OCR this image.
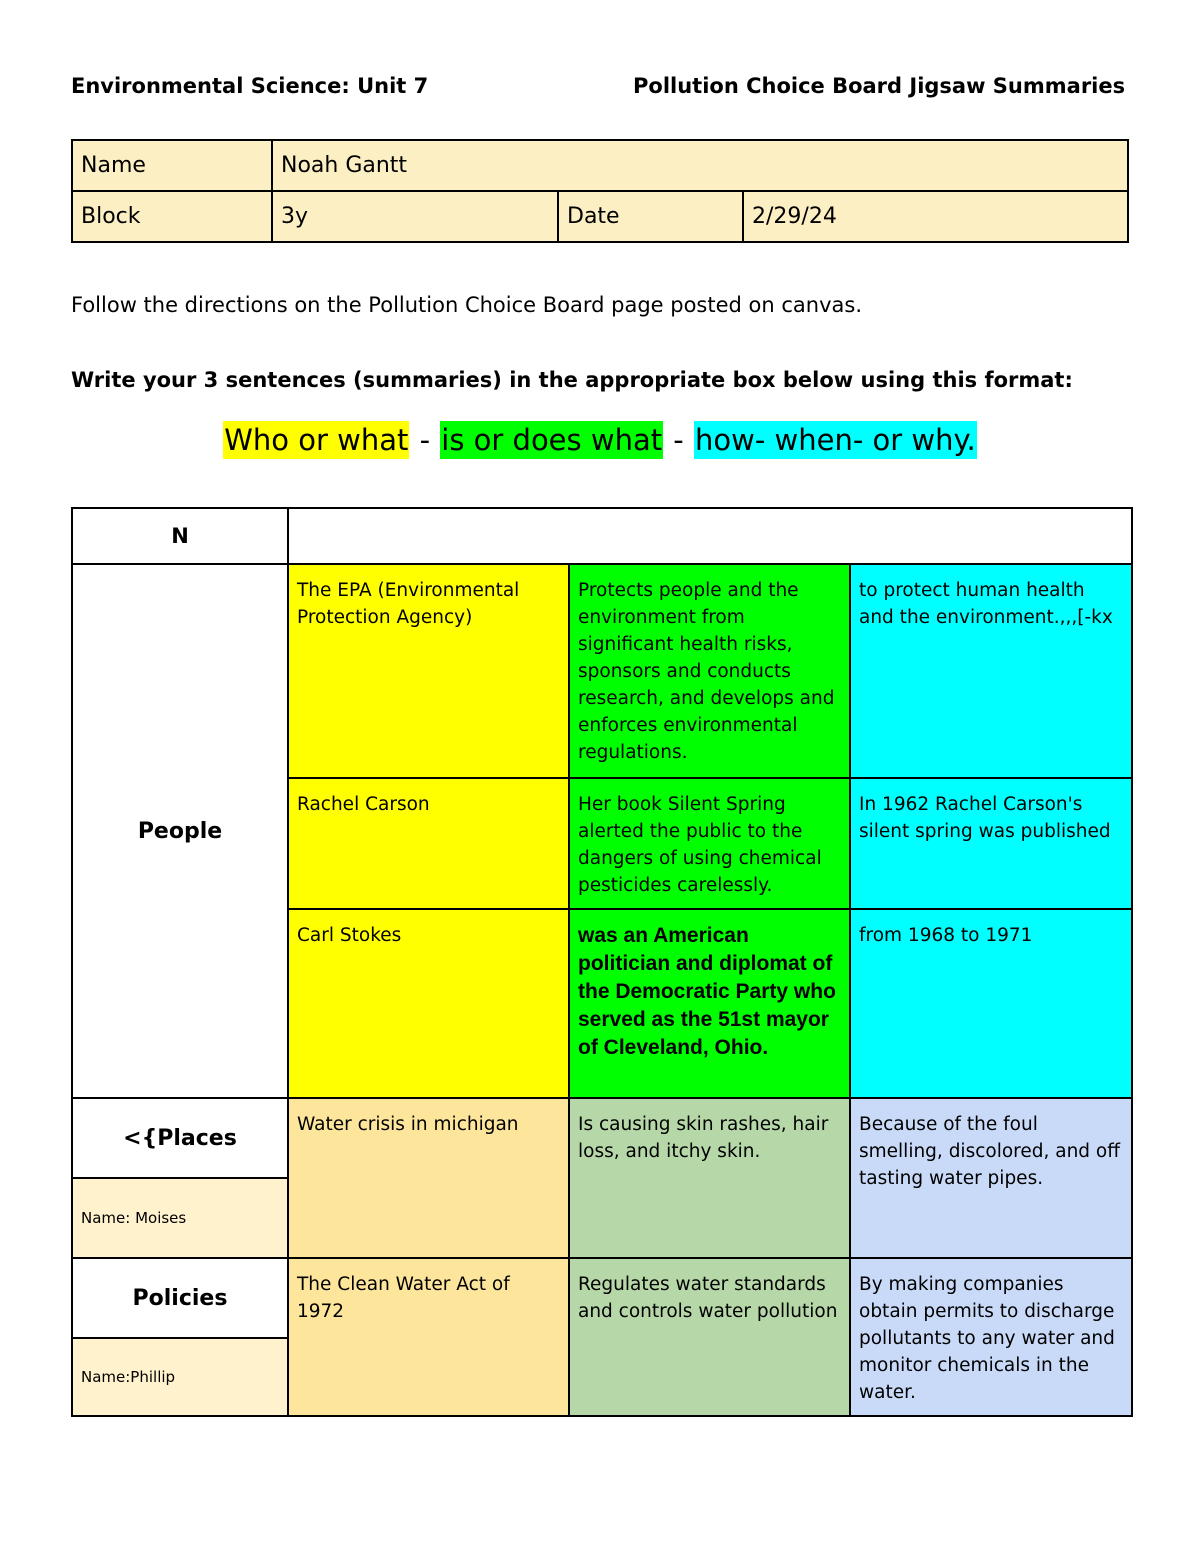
Environmental Science: Unit 7	Pollution Choice Board Jigsaw Summaries
Name	Noah Gantt		
Block	3y	Date	2/29/24
Follow the directions on the Pollution Choice Board page posted on canvas.
Write your 3 sentences (summaries) in the appropriate box below using this format:
Who or what - is or does what - how- when- or why.
N			
People	The EPA (Environmental Protection Agency)	Protects people and the environment from significant health risks, sponsors and conducts research, and develops and enforces environmental regulations.	to protect human health and the environment.,,,[-kx
	Rachel Carson	Her book Silent Spring alerted the public to the dangers of using chemical pesticides carelessly.	In 1962 Rachel Carson's silent spring was published
	Carl Stokes	was an American politician and diplomat of the Democratic Party who served as the 51st mayor of Cleveland, Ohio.	from 1968 to 1971
<{Places	Water crisis in michigan	Is causing skin rashes, hair loss, and itchy skin.	Because of the foul smelling, discolored, and off tasting water pipes.
Name: Moises			
Policies	The Clean Water Act of 1972	Regulates water standards and controls water pollution	By making companies obtain permits to discharge pollutants to any water and monitor chemicals in the water.
Name:Phillip			
